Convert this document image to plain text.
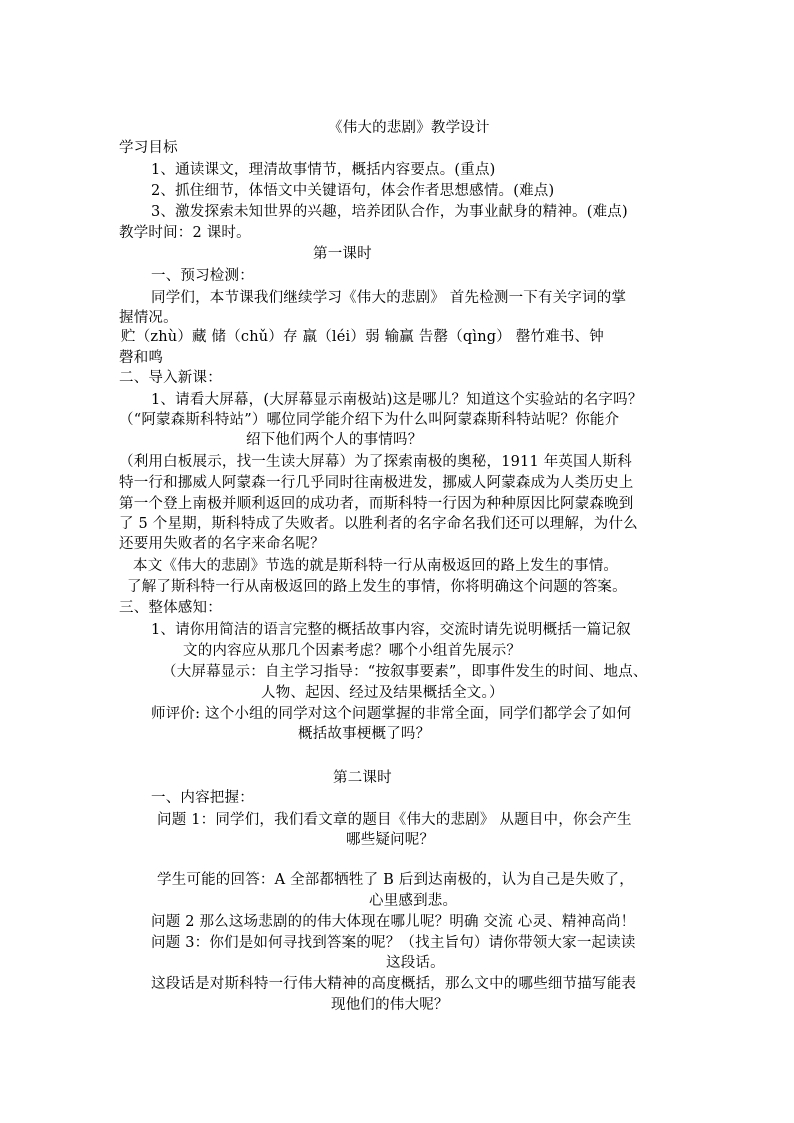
《伟大的悲剧》教学设计

学习目标

1、通读课文，理清故事情节，概括内容要点。(重点)

2、抓住细节，体悟文中关键语句，体会作者思想感情。(难点)

3、激发探索未知世界的兴趣，培养团队合作，为事业献身的精神。(难点)

教学时间：2 课时。

第一课时

一、预习检测：

同学们，本节课我们继续学习《伟大的悲剧》 首先检测一下有关字词的掌

握情况。

贮（zhù）藏 储（chǔ）存 羸（léi）弱 输赢 告罄（qìng） 罄竹难书、钟

磬和鸣

二、导入新课：

1、请看大屏幕，(大屏幕显示南极站)这是哪儿？知道这个实验站的名字吗？

（“阿蒙森斯科特站”）哪位同学能介绍下为什么叫阿蒙森斯科特站呢？你能介

绍下他们两个人的事情吗？

（利用白板展示，找一生读大屏幕）为了探索南极的奥秘，1911 年英国人斯科

特一行和挪威人阿蒙森一行几乎同时往南极进发，挪威人阿蒙森成为人类历史上

第一个登上南极并顺利返回的成功者，而斯科特一行因为种种原因比阿蒙森晚到

了 5 个星期，斯科特成了失败者。以胜利者的名字命名我们还可以理解，为什么

还要用失败者的名字来命名呢？

本文《伟大的悲剧》节选的就是斯科特一行从南极返回的路上发生的事情。

了解了斯科特一行从南极返回的路上发生的事情，你将明确这个问题的答案。

三、整体感知：

1、请你用简洁的语言完整的概括故事内容，交流时请先说明概括一篇记叙

文的内容应从那几个因素考虑？哪个小组首先展示？

（大屏幕显示：自主学习指导：“按叙事要素”，即事件发生的时间、地点、

人物、起因、经过及结果概括全文。）

师评价: 这个小组的同学对这个问题掌握的非常全面，同学们都学会了如何

概括故事梗概了吗？

第二课时

一、内容把握：

问题 1：同学们，我们看文章的题目《伟大的悲剧》 从题目中，你会产生

哪些疑问呢？

学生可能的回答：A 全部都牺牲了 B 后到达南极的，认为自己是失败了，

心里感到悲。

问题 2 那么这场悲剧的的伟大体现在哪儿呢？明确 交流 心灵、精神高尚！

问题 3：你们是如何寻找到答案的呢？（找主旨句）请你带领大家一起读读

这段话。

这段话是对斯科特一行伟大精神的高度概括，那么文中的哪些细节描写能表

现他们的伟大呢？
